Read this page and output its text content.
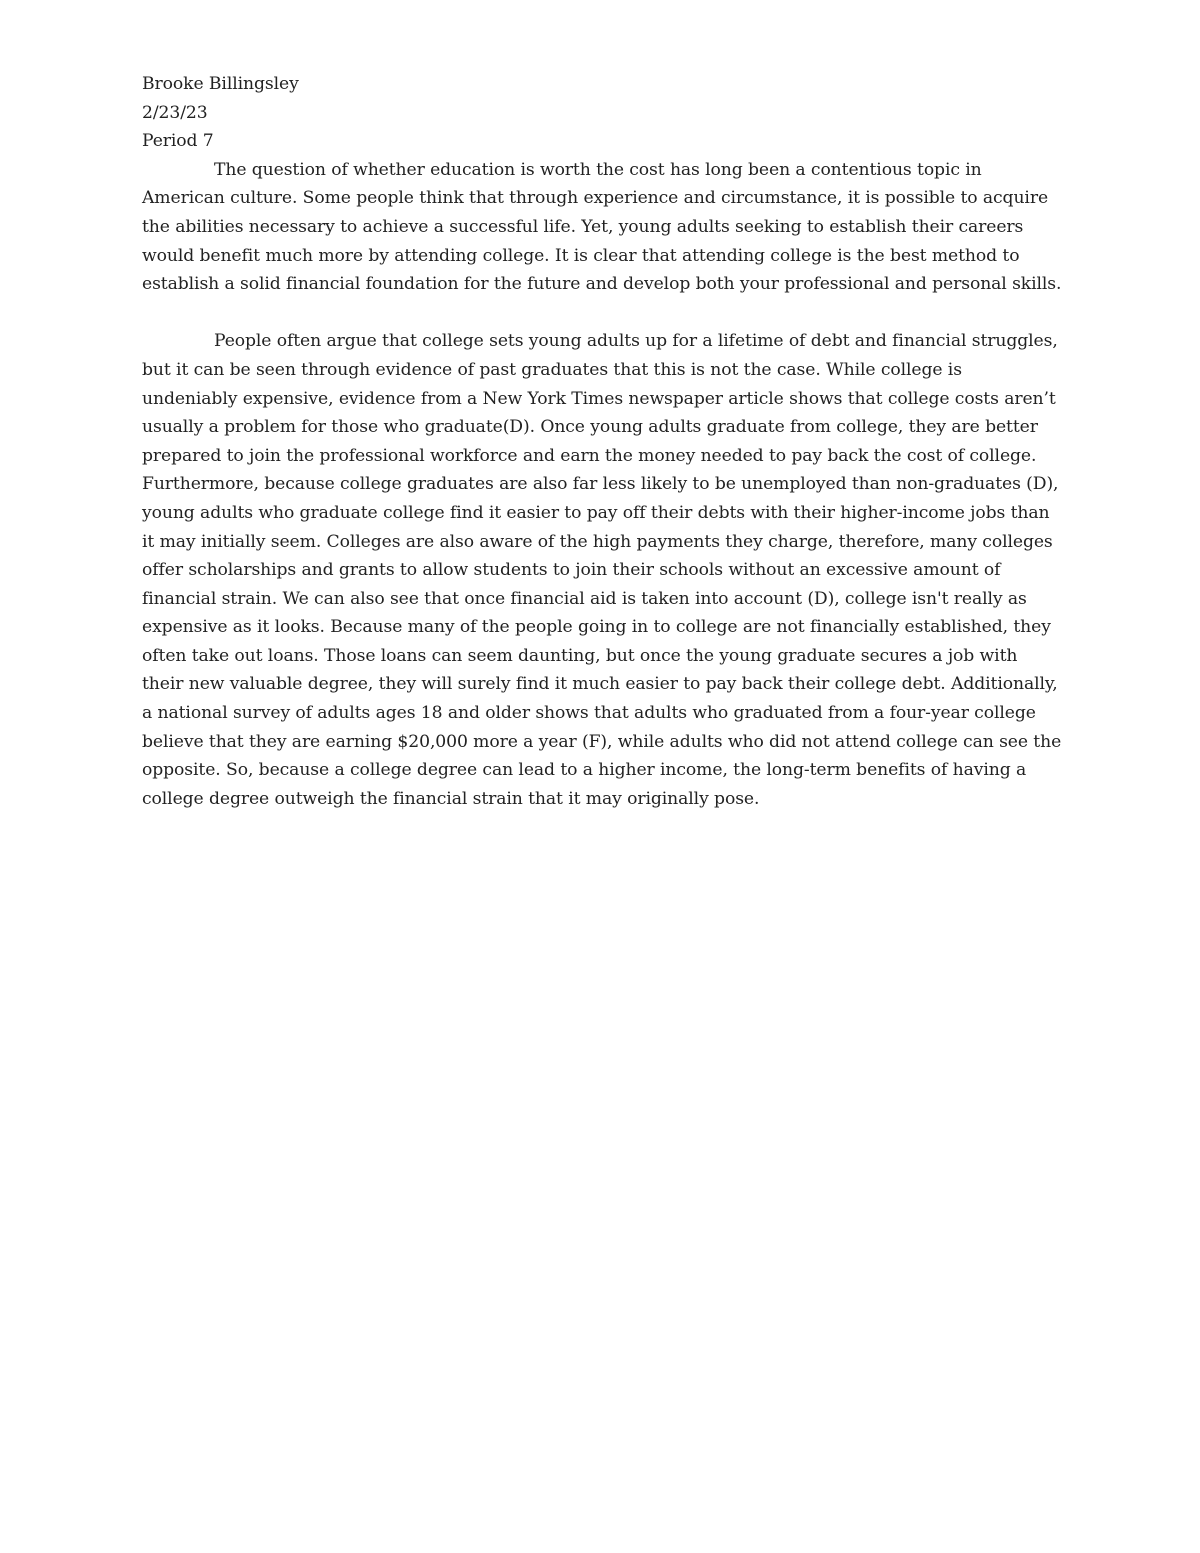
Brooke Billingsley

2/23/23

Period 7

The question of whether education is worth the cost has long been a contentious topic in American culture. Some people think that through experience and circumstance, it is possible to acquire the abilities necessary to achieve a successful life. Yet, young adults seeking to establish their careers would benefit much more by attending college. It is clear that attending college is the best method to establish a solid financial foundation for the future and develop both your professional and personal skills.

People often argue that college sets young adults up for a lifetime of debt and financial struggles, but it can be seen through evidence of past graduates that this is not the case. While college is undeniably expensive, evidence from a New York Times newspaper article shows that college costs aren’t usually a problem for those who graduate(D). Once young adults graduate from college, they are better prepared to join the professional workforce and earn the money needed to pay back the cost of college. Furthermore, because college graduates are also far less likely to be unemployed than non-graduates (D), young adults who graduate college find it easier to pay off their debts with their higher-income jobs than it may initially seem. Colleges are also aware of the high payments they charge, therefore, many colleges offer scholarships and grants to allow students to join their schools without an excessive amount of financial strain. We can also see that once financial aid is taken into account (D), college isn't really as expensive as it looks. Because many of the people going in to college are not financially established, they often take out loans. Those loans can seem daunting, but once the young graduate secures a job with their new valuable degree, they will surely find it much easier to pay back their college debt. Additionally, a national survey of adults ages 18 and older shows that adults who graduated from a four-year college believe that they are earning $20,000 more a year (F), while adults who did not attend college can see the opposite. So, because a college degree can lead to a higher income, the long-term benefits of having a college degree outweigh the financial strain that it may originally pose.
